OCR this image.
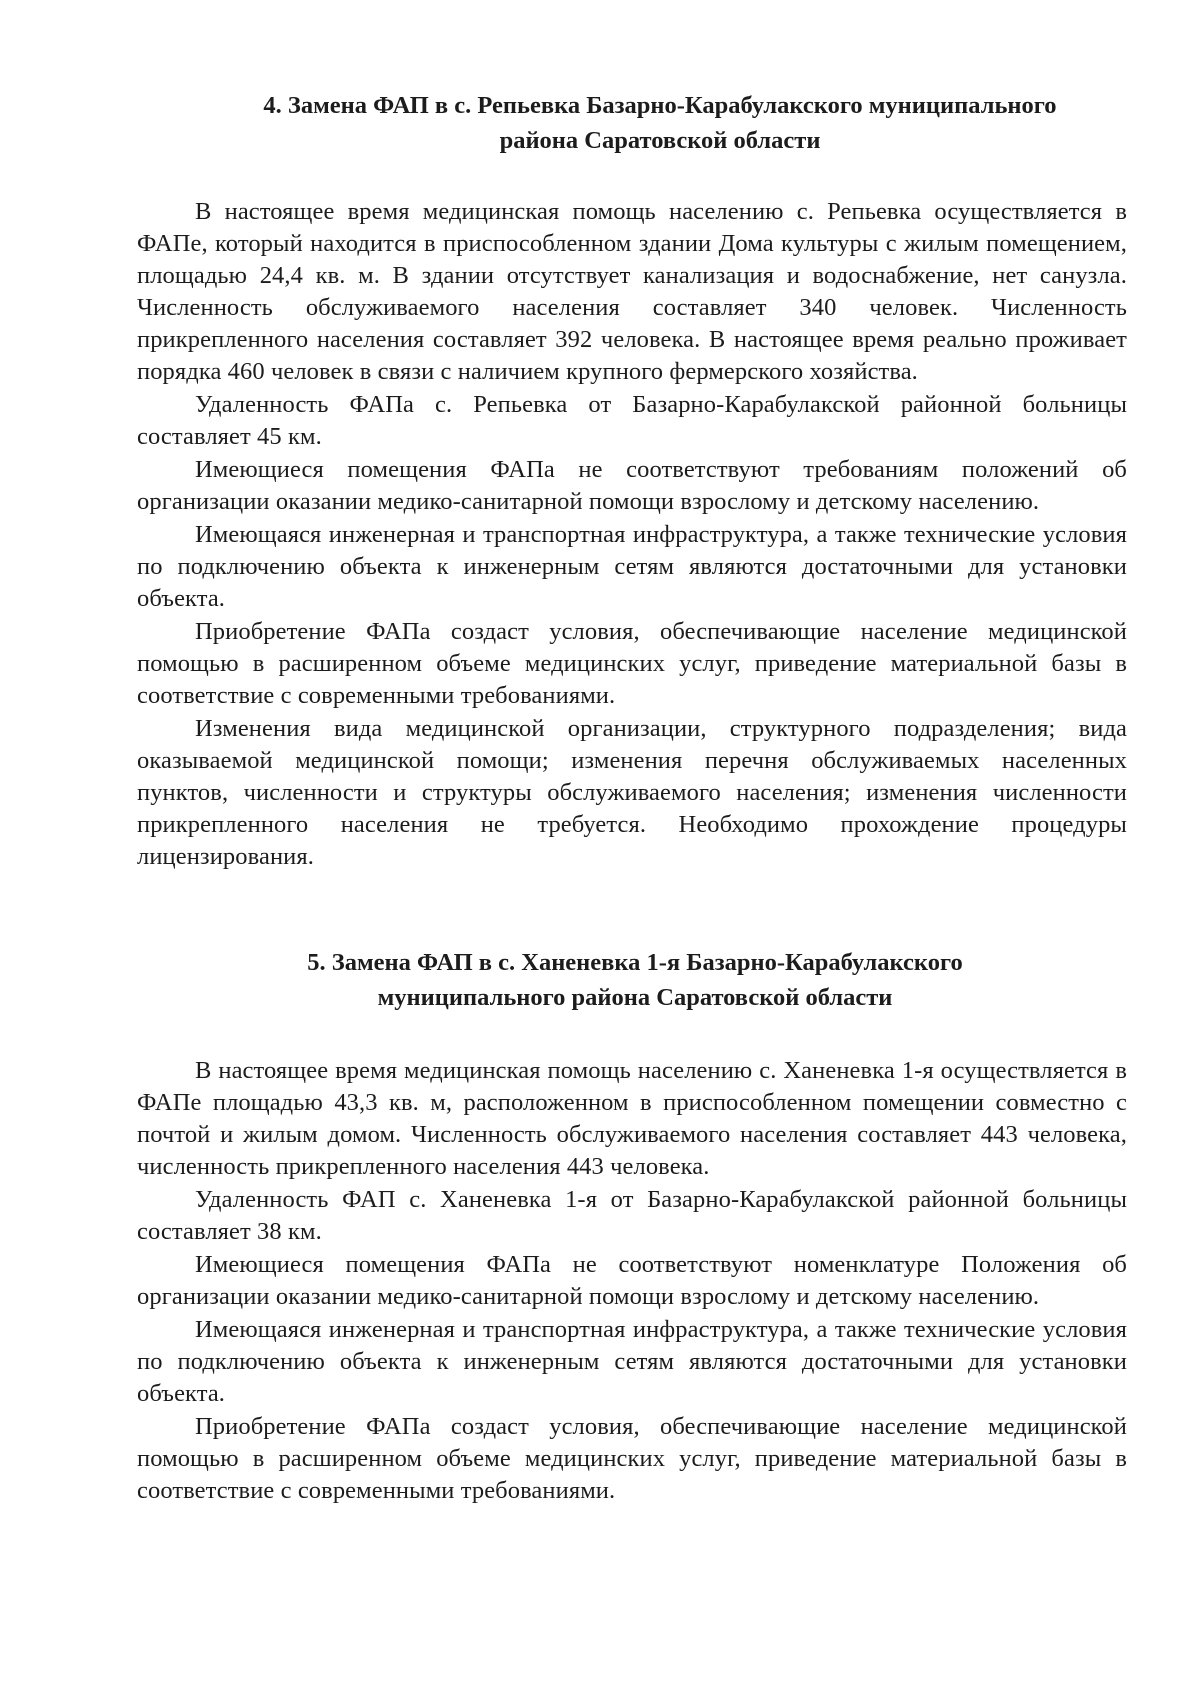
4. Замена ФАП в с. Репьевка Базарно-Карабулакского муниципального
района Саратовской области

В настоящее время медицинская помощь населению с. Репьевка осуществляется в ФАПе, который находится в приспособленном здании Дома культуры с жилым помещением, площадью 24,4 кв. м. В здании отсутствует канализация и водоснабжение, нет санузла. Численность обслуживаемого населения составляет 340 человек. Численность прикрепленного населения составляет 392 человека. В настоящее время реально проживает порядка 460 человек в связи с наличием крупного фермерского хозяйства.

Удаленность ФАПа с. Репьевка от Базарно-Карабулакской районной больницы составляет 45 км.

Имеющиеся помещения ФАПа не соответствуют требованиям положений об организации оказании медико-санитарной помощи взрослому и детскому населению.

Имеющаяся инженерная и транспортная инфраструктура, а также технические условия по подключению объекта к инженерным сетям являются достаточными для установки объекта.

Приобретение ФАПа создаст условия, обеспечивающие население медицинской помощью в расширенном объеме медицинских услуг, приведение материальной базы в соответствие с современными требованиями.

Изменения вида медицинской организации, структурного подразделения; вида оказываемой медицинской помощи; изменения перечня обслуживаемых населенных пунктов, численности и структуры обслуживаемого населения; изменения численности прикрепленного населения не требуется. Необходимо прохождение процедуры лицензирования.

5. Замена ФАП в с. Ханеневка 1-я Базарно-Карабулакского
муниципального района Саратовской области

В настоящее время медицинская помощь населению с. Ханеневка 1-я осуществляется в ФАПе площадью 43,3 кв. м, расположенном в приспособленном помещении совместно с почтой и жилым домом. Численность обслуживаемого населения составляет 443 человека, численность прикрепленного населения 443 человека.

Удаленность ФАП с. Ханеневка 1-я от Базарно-Карабулакской районной больницы составляет 38 км.

Имеющиеся помещения ФАПа не соответствуют номенклатуре Положения об организации оказании медико-санитарной помощи взрослому и детскому населению.

Имеющаяся инженерная и транспортная инфраструктура, а также технические условия по подключению объекта к инженерным сетям являются достаточными для установки объекта.

Приобретение ФАПа создаст условия, обеспечивающие население медицинской помощью в расширенном объеме медицинских услуг, приведение материальной базы в соответствие с современными требованиями.
